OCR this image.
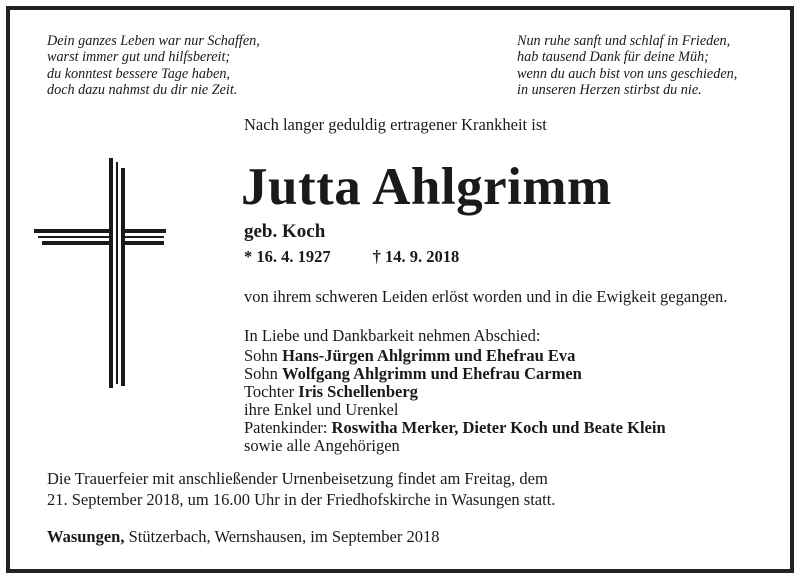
Dein ganzes Leben war nur Schaffen,
warst immer gut und hilfsbereit;
du konntest bessere Tage haben,
doch dazu nahmst du dir nie Zeit.
Nun ruhe sanft und schlaf in Frieden,
hab tausend Dank für deine Müh;
wenn du auch bist von uns geschieden,
in unseren Herzen stirbst du nie.
Nach langer geduldig ertragener Krankheit ist
Jutta Ahlgrimm
geb. Koch
* 16. 4. 1927	† 14. 9. 2018
von ihrem schweren Leiden erlöst worden und in die Ewigkeit gegangen.
In Liebe und Dankbarkeit nehmen Abschied:
Sohn Hans-Jürgen Ahlgrimm und Ehefrau Eva
Sohn Wolfgang Ahlgrimm und Ehefrau Carmen
Tochter Iris Schellenberg
ihre Enkel und Urenkel
Patenkinder: Roswitha Merker, Dieter Koch und Beate Klein
sowie alle Angehörigen
Die Trauerfeier mit anschließender Urnenbeisetzung findet am Freitag, dem
21. September 2018, um 16.00 Uhr in der Friedhofskirche in Wasungen statt.
Wasungen, Stützerbach, Wernshausen, im September 2018
